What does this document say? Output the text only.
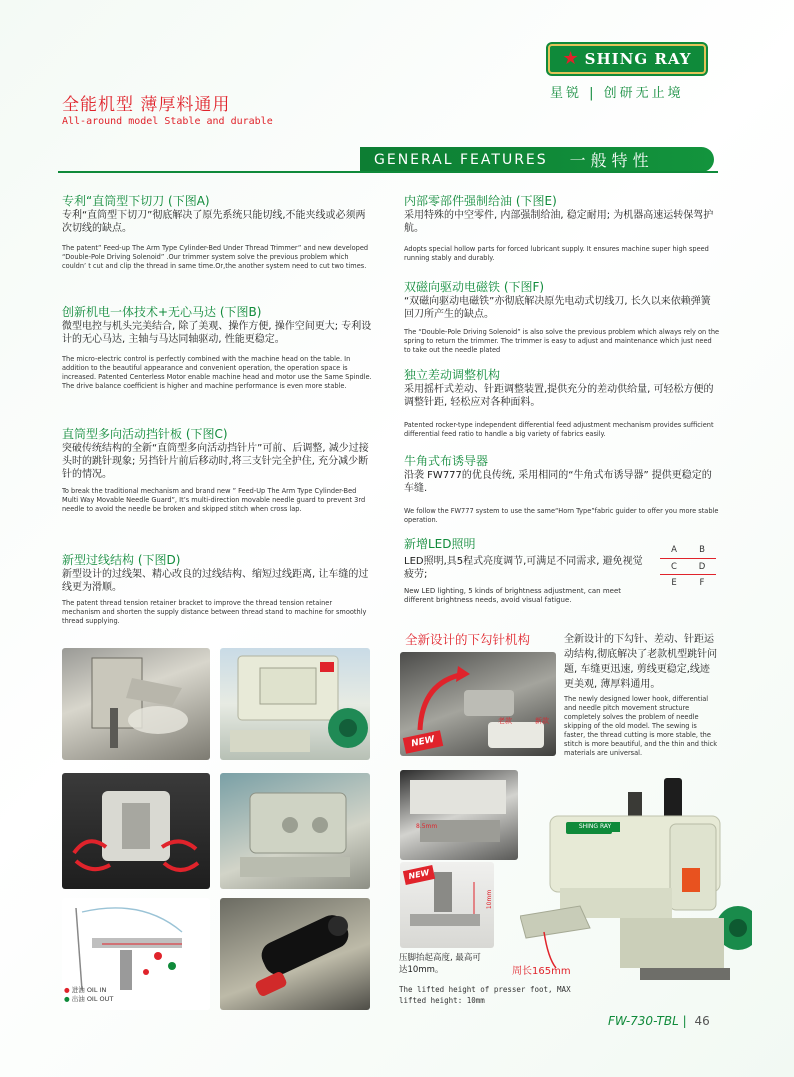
★ SHING RAY
星锐 | 创研无止境
全能机型 薄厚料通用
All-around model Stable and durable
GENERAL FEATURES 一般特性
专利“直筒型下切刀 (下图A)
专利“直筒型下切刀”彻底解决了原先系统只能切线,不能夹线或必须两次切线的缺点。
The patent” Feed-up The Arm Type Cylinder-Bed Under Thread Trimmer” and new developed “Double-Pole Driving Solenoid” .Our trimmer system solve the previous problem which couldn’ t cut and clip the thread in same time.Or,the another system need to cut two times.
创新机电一体技术+无心马达 (下图B)
微型电控与机头完美结合, 除了美观、操作方便, 操作空间更大; 专利设计的无心马达, 主轴与马达同轴驱动, 性能更稳定。
The micro-electric control is perfectly combined with the machine head on the table. In addition to the beautiful appearance and convenient operation, the operation space is increased. Patented Centerless Motor enable machine head and motor use the Same Spindle. The drive balance coefficient is higher and machine performance is even more stable.
直筒型多向活动挡针板 (下图C)
突破传统结构的全新“直筒型多向活动挡针片”可前、后调整, 减少过接头时的跳针现象; 另挡针片前后移动时,将三支针完全护住, 充分减少断针的情况。
To break the traditional mechanism and brand new ” Feed-Up The Arm Type Cylinder-Bed Multi Way Movable Needle Guard”, It’s multi-direction movable needle guard to prevent 3rd needle to avoid the needle be broken and skipped stitch when cross lap.
新型过线结构 (下图D)
新型设计的过线架、精心改良的过线结构、缩短过线距离, 让车缝的过线更为滑顺。
The patent thread tension retainer bracket to improve the thread tension retainer mechanism and shorten the supply distance between thread stand to machine for smoothly thread supplying.
内部零部件强制给油 (下图E)
采用特殊的中空零件, 内部强制给油, 稳定耐用; 为机器高速运转保驾护航。
Adopts special hollow parts for forced lubricant supply. It ensures machine super high speed running stably and durably.
双磁向驱动电磁铁 (下图F)
“双磁向驱动电磁铁”亦彻底解决原先电动式切线刀, 长久以来依赖弹簧回刀所产生的缺点。
The “Double-Pole Driving Solenoid” is also solve the previous problem which always rely on the spring to return the trimmer. The trimmer is easy to adjust and maintenance which just need to take out the needle plated
独立差动调整机构
采用摇杆式差动、针距调整装置,提供充分的差动供给量, 可轻松方便的调整针距, 轻松应对各种面料。
Patented rocker-type independent differential feed adjustment mechanism provides sufficient differential feed ratio to handle a big variety of fabrics easily.
牛角式布诱导器
沿袭 FW777的优良传统, 采用相同的“牛角式布诱导器” 提供更稳定的车缝.
We follow the FW777 system to use the same“Horn Type”fabric guider to offer you more stable operation.
新增LED照明
LED照明,具5程式亮度调节,可满足不同需求, 避免视觉疲劳;
New LED lighting, 5 kinds of brightness adjustment, can meet different brightness needs, avoid visual fatigue.
A	B
C	D
E	F
● 进油 OIL IN
● 出油 OIL OUT
全新设计的下勾针机构
NEW
老款	新款
全新设计的下勾针、差动、针距运动结构,彻底解决了老款机型跳针问题, 车缝更迅速, 剪线更稳定,线迹更美观, 薄厚料通用。
The newly designed lower hook, differential and needle pitch movement structure completely solves the problem of needle skipping of the old model. The sewing is faster, the thread cutting is more stable, the stitch is more beautiful, and the thin and thick materials are universal.
8.5mm
NEW
10mm
压脚抬起高度, 最高可达10mm。
The lifted height of presser foot, MAX lifted height: 10mm
SHING RAY
周长165mm
FW-730-TBL | 46
